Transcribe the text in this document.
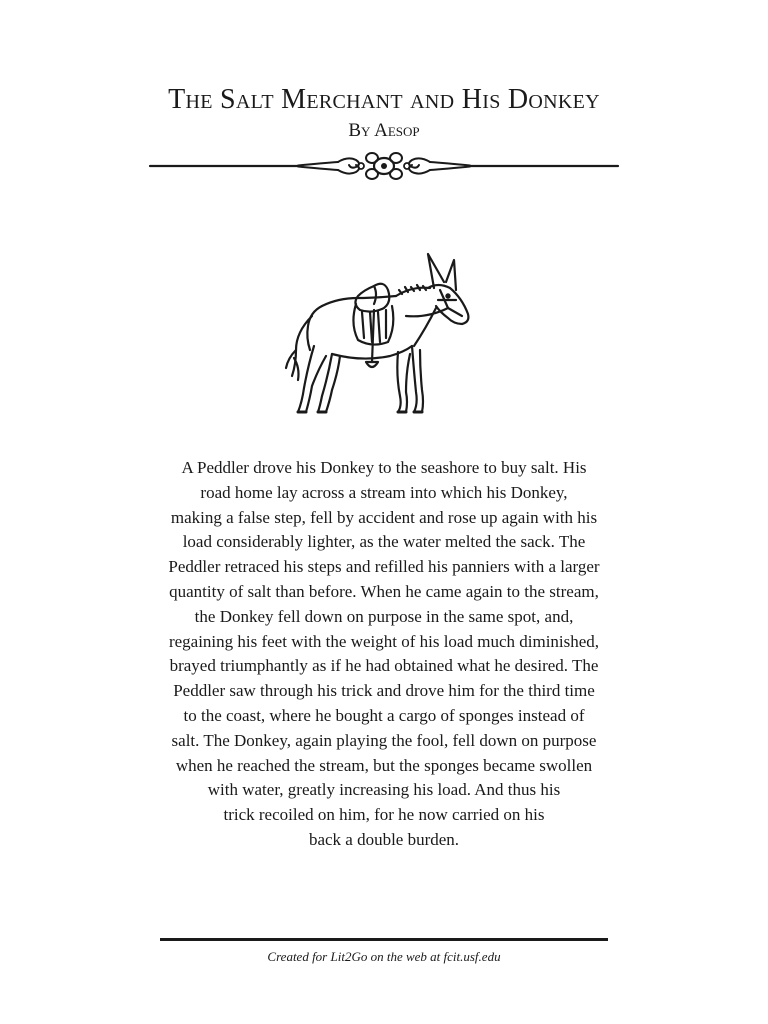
The Salt Merchant and His Donkey
By Aesop

A Peddler drove his Donkey to the seashore to buy salt. His
road home lay across a stream into which his Donkey,
making a false step, fell by accident and rose up again with his
load considerably lighter, as the water melted the sack. The
Peddler retraced his steps and refilled his panniers with a larger
quantity of salt than before. When he came again to the stream,
the Donkey fell down on purpose in the same spot, and,
regaining his feet with the weight of his load much diminished,
brayed triumphantly as if he had obtained what he desired. The
Peddler saw through his trick and drove him for the third time
to the coast, where he bought a cargo of sponges instead of
salt. The Donkey, again playing the fool, fell down on purpose
when he reached the stream, but the sponges became swollen
with water, greatly increasing his load. And thus his
trick recoiled on him, for he now carried on his
back a double burden.

Created for Lit2Go on the web at fcit.usf.edu
